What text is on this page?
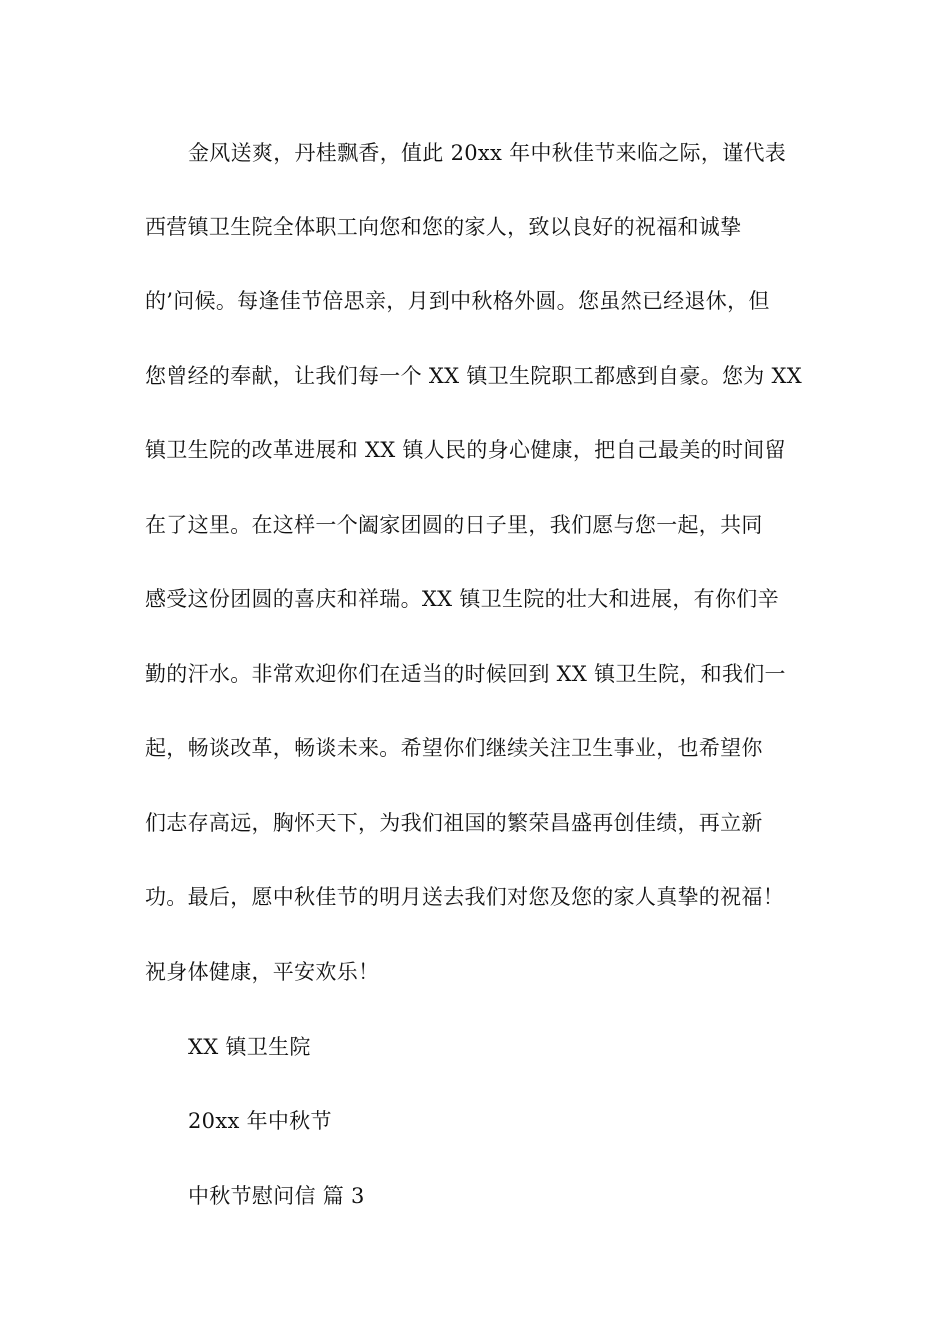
金风送爽，丹桂飘香，值此 20xx 年中秋佳节来临之际，谨代表
西营镇卫生院全体职工向您和您的家人，致以良好的祝福和诚挚
的’问候。每逢佳节倍思亲，月到中秋格外圆。您虽然已经退休，但
您曾经的奉献，让我们每一个 XX 镇卫生院职工都感到自豪。您为 XX
镇卫生院的改革进展和 XX 镇人民的身心健康，把自己最美的时间留
在了这里。在这样一个阖家团圆的日子里，我们愿与您一起，共同
感受这份团圆的喜庆和祥瑞。XX 镇卫生院的壮大和进展，有你们辛
勤的汗水。非常欢迎你们在适当的时候回到 XX 镇卫生院，和我们一
起，畅谈改革，畅谈未来。希望你们继续关注卫生事业，也希望你
们志存高远，胸怀天下，为我们祖国的繁荣昌盛再创佳绩，再立新
功。最后，愿中秋佳节的明月送去我们对您及您的家人真挚的祝福！
祝身体健康，平安欢乐！
XX 镇卫生院
20xx 年中秋节
中秋节慰问信 篇 3
